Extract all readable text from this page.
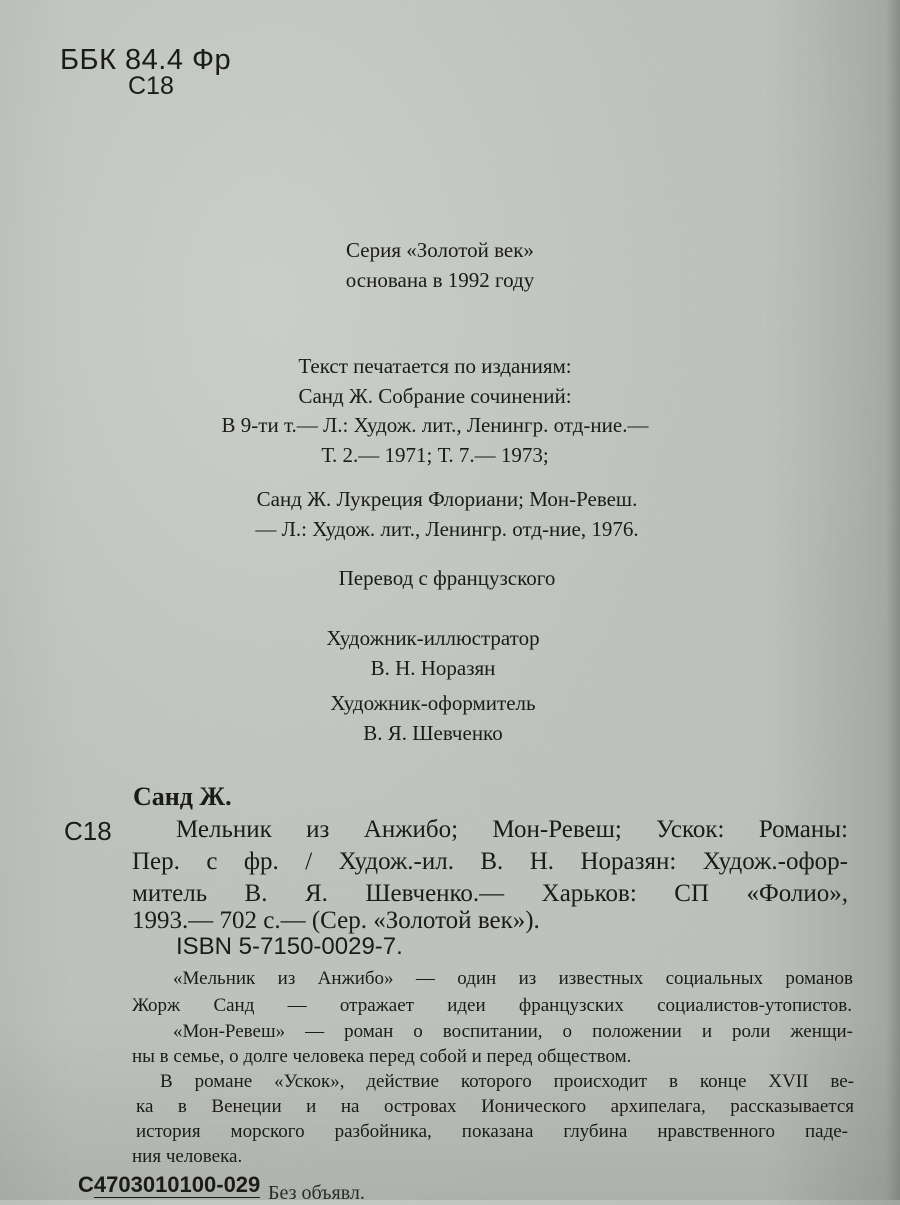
ББК 84.4 Фр
С18
Серия «Золотой век»
основана в 1992 году
Текст печатается по изданиям:
Санд Ж. Собрание сочинений:
В 9-ти т.— Л.: Худож. лит., Ленингр. отд-ние.—
Т. 2.— 1971; Т. 7.— 1973;
Санд Ж. Лукреция Флориани; Мон-Ревеш.
— Л.: Худож. лит., Ленингр. отд-ние, 1976.
Перевод с французского
Художник-иллюстратор
В. Н. Норазян
Художник-оформитель
В. Я. Шевченко
Санд Ж.
С18	Мельник из Анжибо; Мон-Ревеш; Ускок: Романы:
Пер. с фр. / Худож.-ил. В. Н. Норазян: Худож.-офор-
митель В. Я. Шевченко.— Харьков: СП «Фолио»,
1993.— 702 с.— (Сер. «Золотой век»).
ISBN 5-7150-0029-7.
«Мельник из Анжибо» — один из известных социальных романов
Жорж Санд — отражает идеи французских социалистов-утопистов.
«Мон-Ревеш» — роман о воспитании, о положении и роли женщи-
ны в семье, о долге человека перед собой и перед обществом.
В романе «Ускок», действие которого происходит в конце XVII ве-
ка в Венеции и на островах Ионического архипелага, рассказывается
история морского разбойника, показана глубина нравственного паде-
ния человека.
С4703010100-029 Без объявл.
